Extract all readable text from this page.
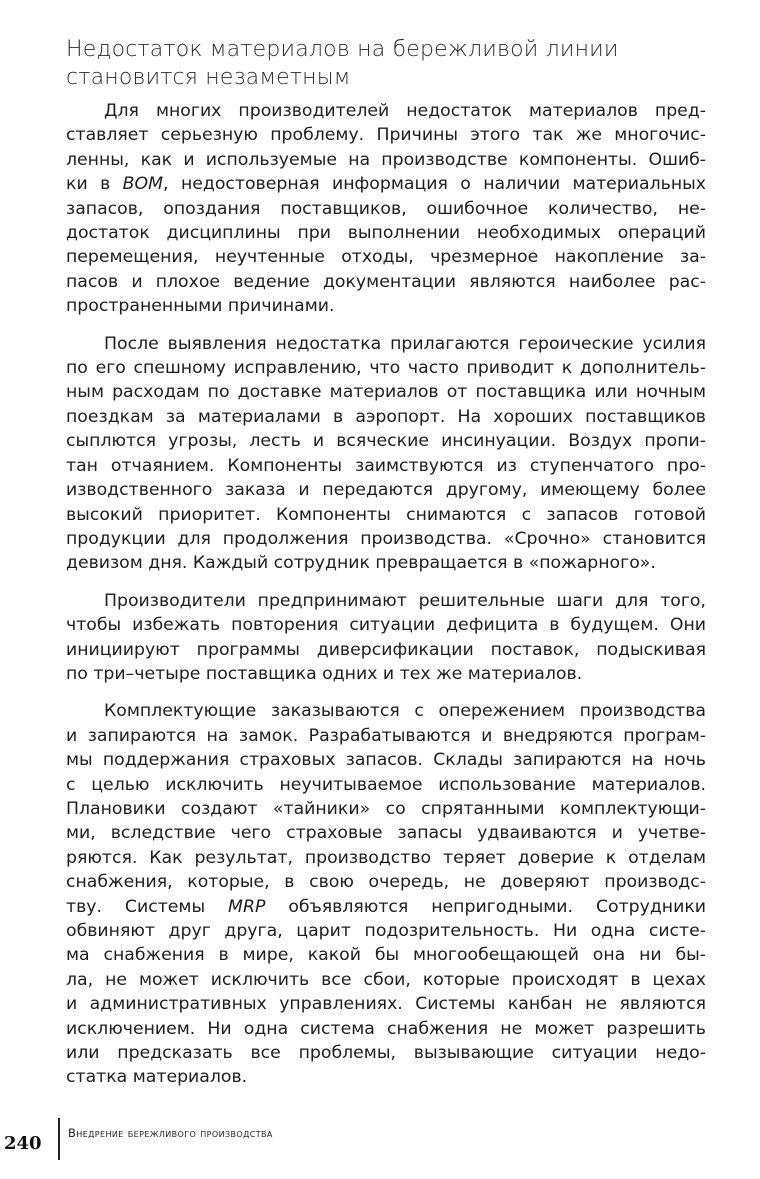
Недостаток материалов на бережливой линии
становится незаметным

Для многих производителей недостаток материалов пред-
ставляет серьезную проблему. Причины этого так же многочис-
ленны, как и используемые на производстве компоненты. Ошиб-
ки в BOM, недостоверная информация о наличии материальных
запасов, опоздания поставщиков, ошибочное количество, не-
достаток дисциплины при выполнении необходимых операций
перемещения, неучтенные отходы, чрезмерное накопление за-
пасов и плохое ведение документации являются наиболее рас-
пространенными причинами.

После выявления недостатка прилагаются героические усилия
по его спешному исправлению, что часто приводит к дополнитель-
ным расходам по доставке материалов от поставщика или ночным
поездкам за материалами в аэропорт. На хороших поставщиков
сыплются угрозы, лесть и всяческие инсинуации. Воздух пропи-
тан отчаянием. Компоненты заимствуются из ступенчатого про-
изводственного заказа и передаются другому, имеющему более
высокий приоритет. Компоненты снимаются с запасов готовой
продукции для продолжения производства. «Срочно» становится
девизом дня. Каждый сотрудник превращается в «пожарного».

Производители предпринимают решительные шаги для того,
чтобы избежать повторения ситуации дефицита в будущем. Они
инициируют программы диверсификации поставок, подыскивая
по три–четыре поставщика одних и тех же материалов.

Комплектующие заказываются с опережением производства
и запираются на замок. Разрабатываются и внедряются програм-
мы поддержания страховых запасов. Склады запираются на ночь
с целью исключить неучитываемое использование материалов.
Плановики создают «тайники» со спрятанными комплектующи-
ми, вследствие чего страховые запасы удваиваются и учетве-
ряются. Как результат, производство теряет доверие к отделам
снабжения, которые, в свою очередь, не доверяют производс-
тву. Системы MRP объявляются непригодными. Сотрудники
обвиняют друг друга, царит подозрительность. Ни одна систе-
ма снабжения в мире, какой бы многообещающей она ни бы-
ла, не может исключить все сбои, которые происходят в цехах
и административных управлениях. Системы канбан не являются
исключением. Ни одна система снабжения не может разрешить
или предсказать все проблемы, вызывающие ситуации недо-
статка материалов.

240 Внедрение бережливого производства
